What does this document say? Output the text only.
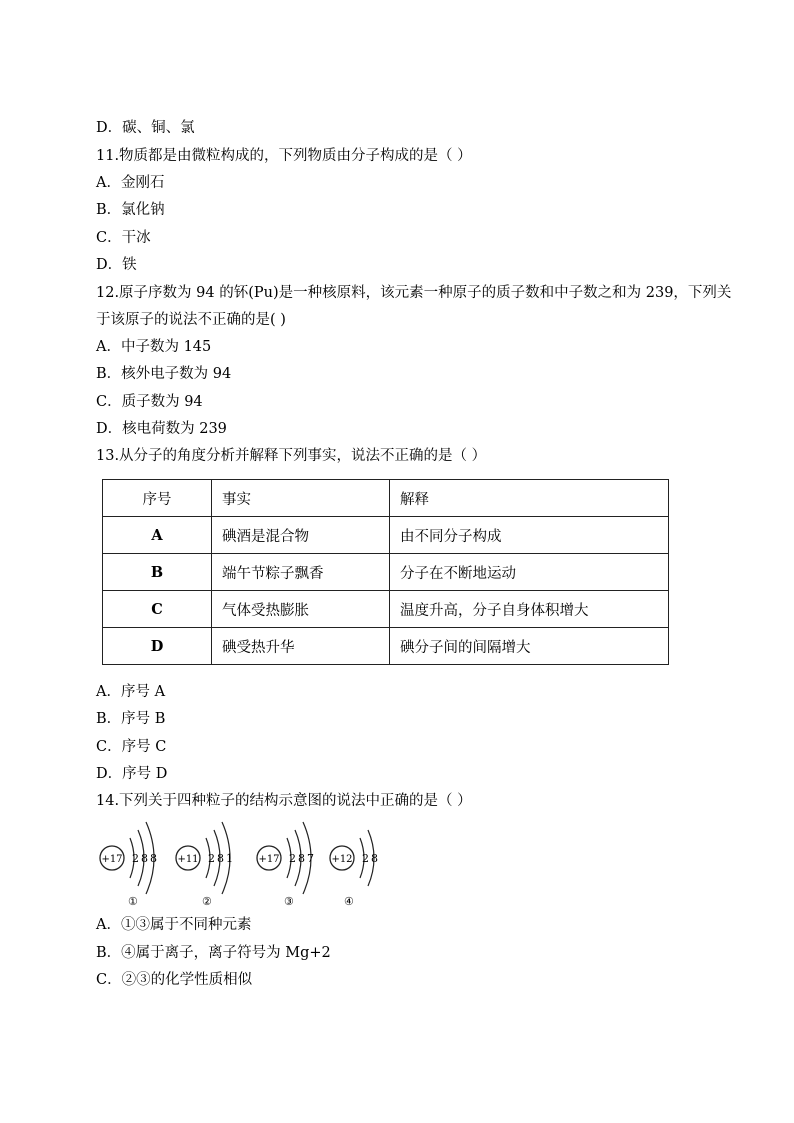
D．碳、铜、氯
11.物质都是由微粒构成的，下列物质由分子构成的是（ ）
A．金刚石
B．氯化钠
C．干冰
D．铁
12.原子序数为 94 的钚(Pu)是一种核原料，该元素一种原子的质子数和中子数之和为 239，下列关
于该原子的说法不正确的是( )
A．中子数为 145
B．核外电子数为 94
C．质子数为 94
D．核电荷数为 239
13.从分子的角度分析并解释下列事实，说法不正确的是（ ）
序号	事实	解释
A	碘酒是混合物	由不同分子构成
B	端午节粽子飘香	分子在不断地运动
C	气体受热膨胀	温度升高，分子自身体积增大
D	碘受热升华	碘分子间的间隔增大
A．序号 A
B．序号 B
C．序号 C
D．序号 D
14.下列关于四种粒子的结构示意图的说法中正确的是（ ）
+17 2 8 8
①
+11 2 8 1
②
+17 2 8 7
③
+12 2 8
④
A．①③属于不同种元素
B．④属于离子，离子符号为 Mg+2
C．②③的化学性质相似
